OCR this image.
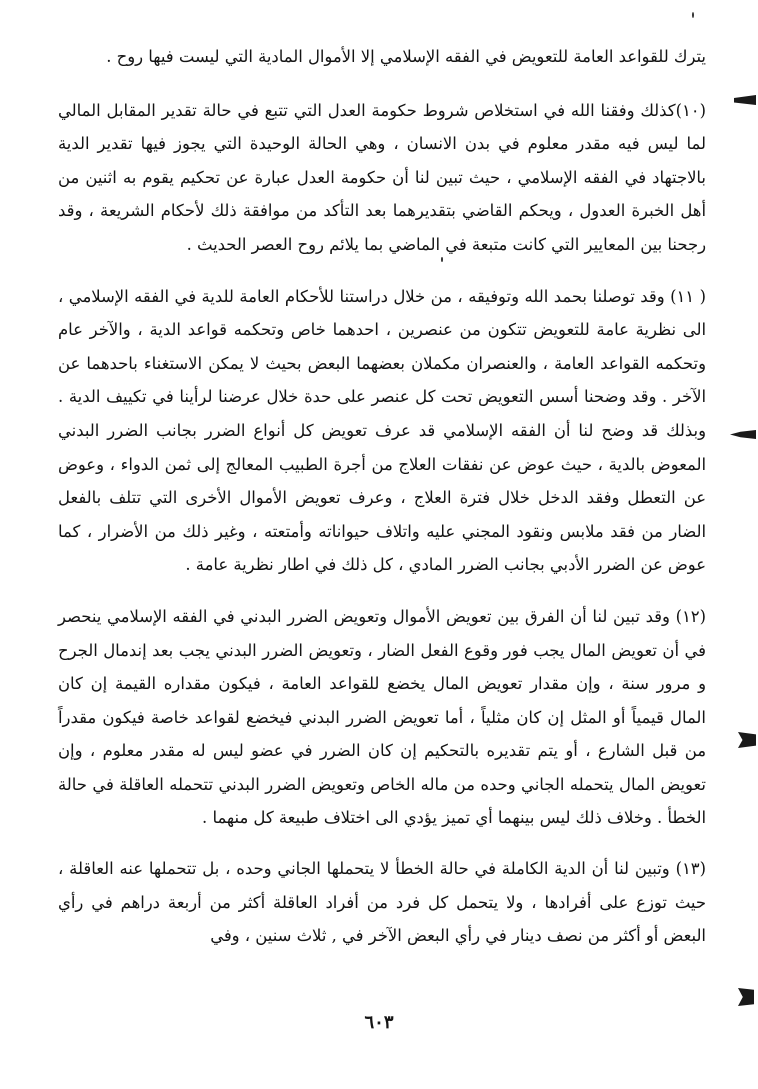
يترك للقواعد العامة للتعويض في الفقه الإسلامي إلا الأموال المادية التي ليست فيها روح .

(١٠)كذلك وفقنا الله في استخلاص شروط حكومة العدل التي تتبع في حالة تقدير المقابل المالي لما ليس فيه مقدر معلوم في بدن الانسان ، وهي الحالة الوحيدة التي يجوز فيها تقدير الدية بالاجتهاد في الفقه الإسلامي ، حيث تبين لنا أن حكومة العدل عبارة عن تحكيم يقوم به اثنين من أهل الخبرة العدول ، ويحكم القاضي بتقديرهما بعد التأكد من موافقة ذلك لأحكام الشريعة ، وقد رجحنا بين المعايير التي كانت متبعة في الماضي بما يلائم روح العصر الحديث .

( ١١) وقد توصلنا بحمد الله وتوفيقه ، من خلال دراستنا للأحكام العامة للدية في الفقه الإسلامي ، الى نظرية عامة للتعويض تتكون من عنصرين ، احدهما خاص وتحكمه قواعد الدية ، والآخر عام وتحكمه القواعد العامة ، والعنصران مكملان بعضهما البعض بحيث لا يمكن الاستغناء باحدهما عن الآخر . وقد وضحنا أسس التعويض تحت كل عنصر على حدة خلال عرضنا لرأينا في تكييف الدية . وبذلك قد وضح لنا أن الفقه الإسلامي قد عرف تعويض كل أنواع الضرر بجانب الضرر البدني المعوض بالدية ، حيث عوض عن نفقات العلاج من أجرة الطبيب المعالج إلى ثمن الدواء ، وعوض عن التعطل وفقد الدخل خلال فترة العلاج ، وعرف تعويض الأموال الأخرى التي تتلف بالفعل الضار من فقد ملابس ونقود المجني عليه واتلاف حيواناته وأمتعته ، وغير ذلك من الأضرار ، كما عوض عن الضرر الأدبي بجانب الضرر المادي ، كل ذلك في اطار نظرية عامة .

(١٢) وقد تبين لنا أن الفرق بين تعويض الأموال وتعويض الضرر البدني في الفقه الإسلامي ينحصر في أن تعويض المال يجب فور وقوع الفعل الضار ، وتعويض الضرر البدني يجب بعد إندمال الجرح و مرور سنة ، وإن مقدار تعويض المال يخضع للقواعد العامة ، فيكون مقداره القيمة إن كان المال قيمياً أو المثل إن كان مثلياً ، أما تعويض الضرر البدني فيخضع لقواعد خاصة فيكون مقدراً من قبل الشارع ، أو يتم تقديره بالتحكيم إن كان الضرر في عضو ليس له مقدر معلوم ، وإن تعويض المال يتحمله الجاني وحده من ماله الخاص وتعويض الضرر البدني تتحمله العاقلة في حالة الخطأ . وخلاف ذلك ليس بينهما أي تميز يؤدي الى اختلاف طبيعة كل منهما .

(١٣) وتبين لنا أن الدية الكاملة في حالة الخطأ لا يتحملها الجاني وحده ، بل تتحملها عنه العاقلة ، حيث توزع على أفرادها ، ولا يتحمل كل فرد من أفراد العاقلة أكثر من أربعة دراهم في رأي البعض أو أكثر من نصف دينار في رأي البعض الآخر في , ثلاث سنين ، وفي

٦٠٣
